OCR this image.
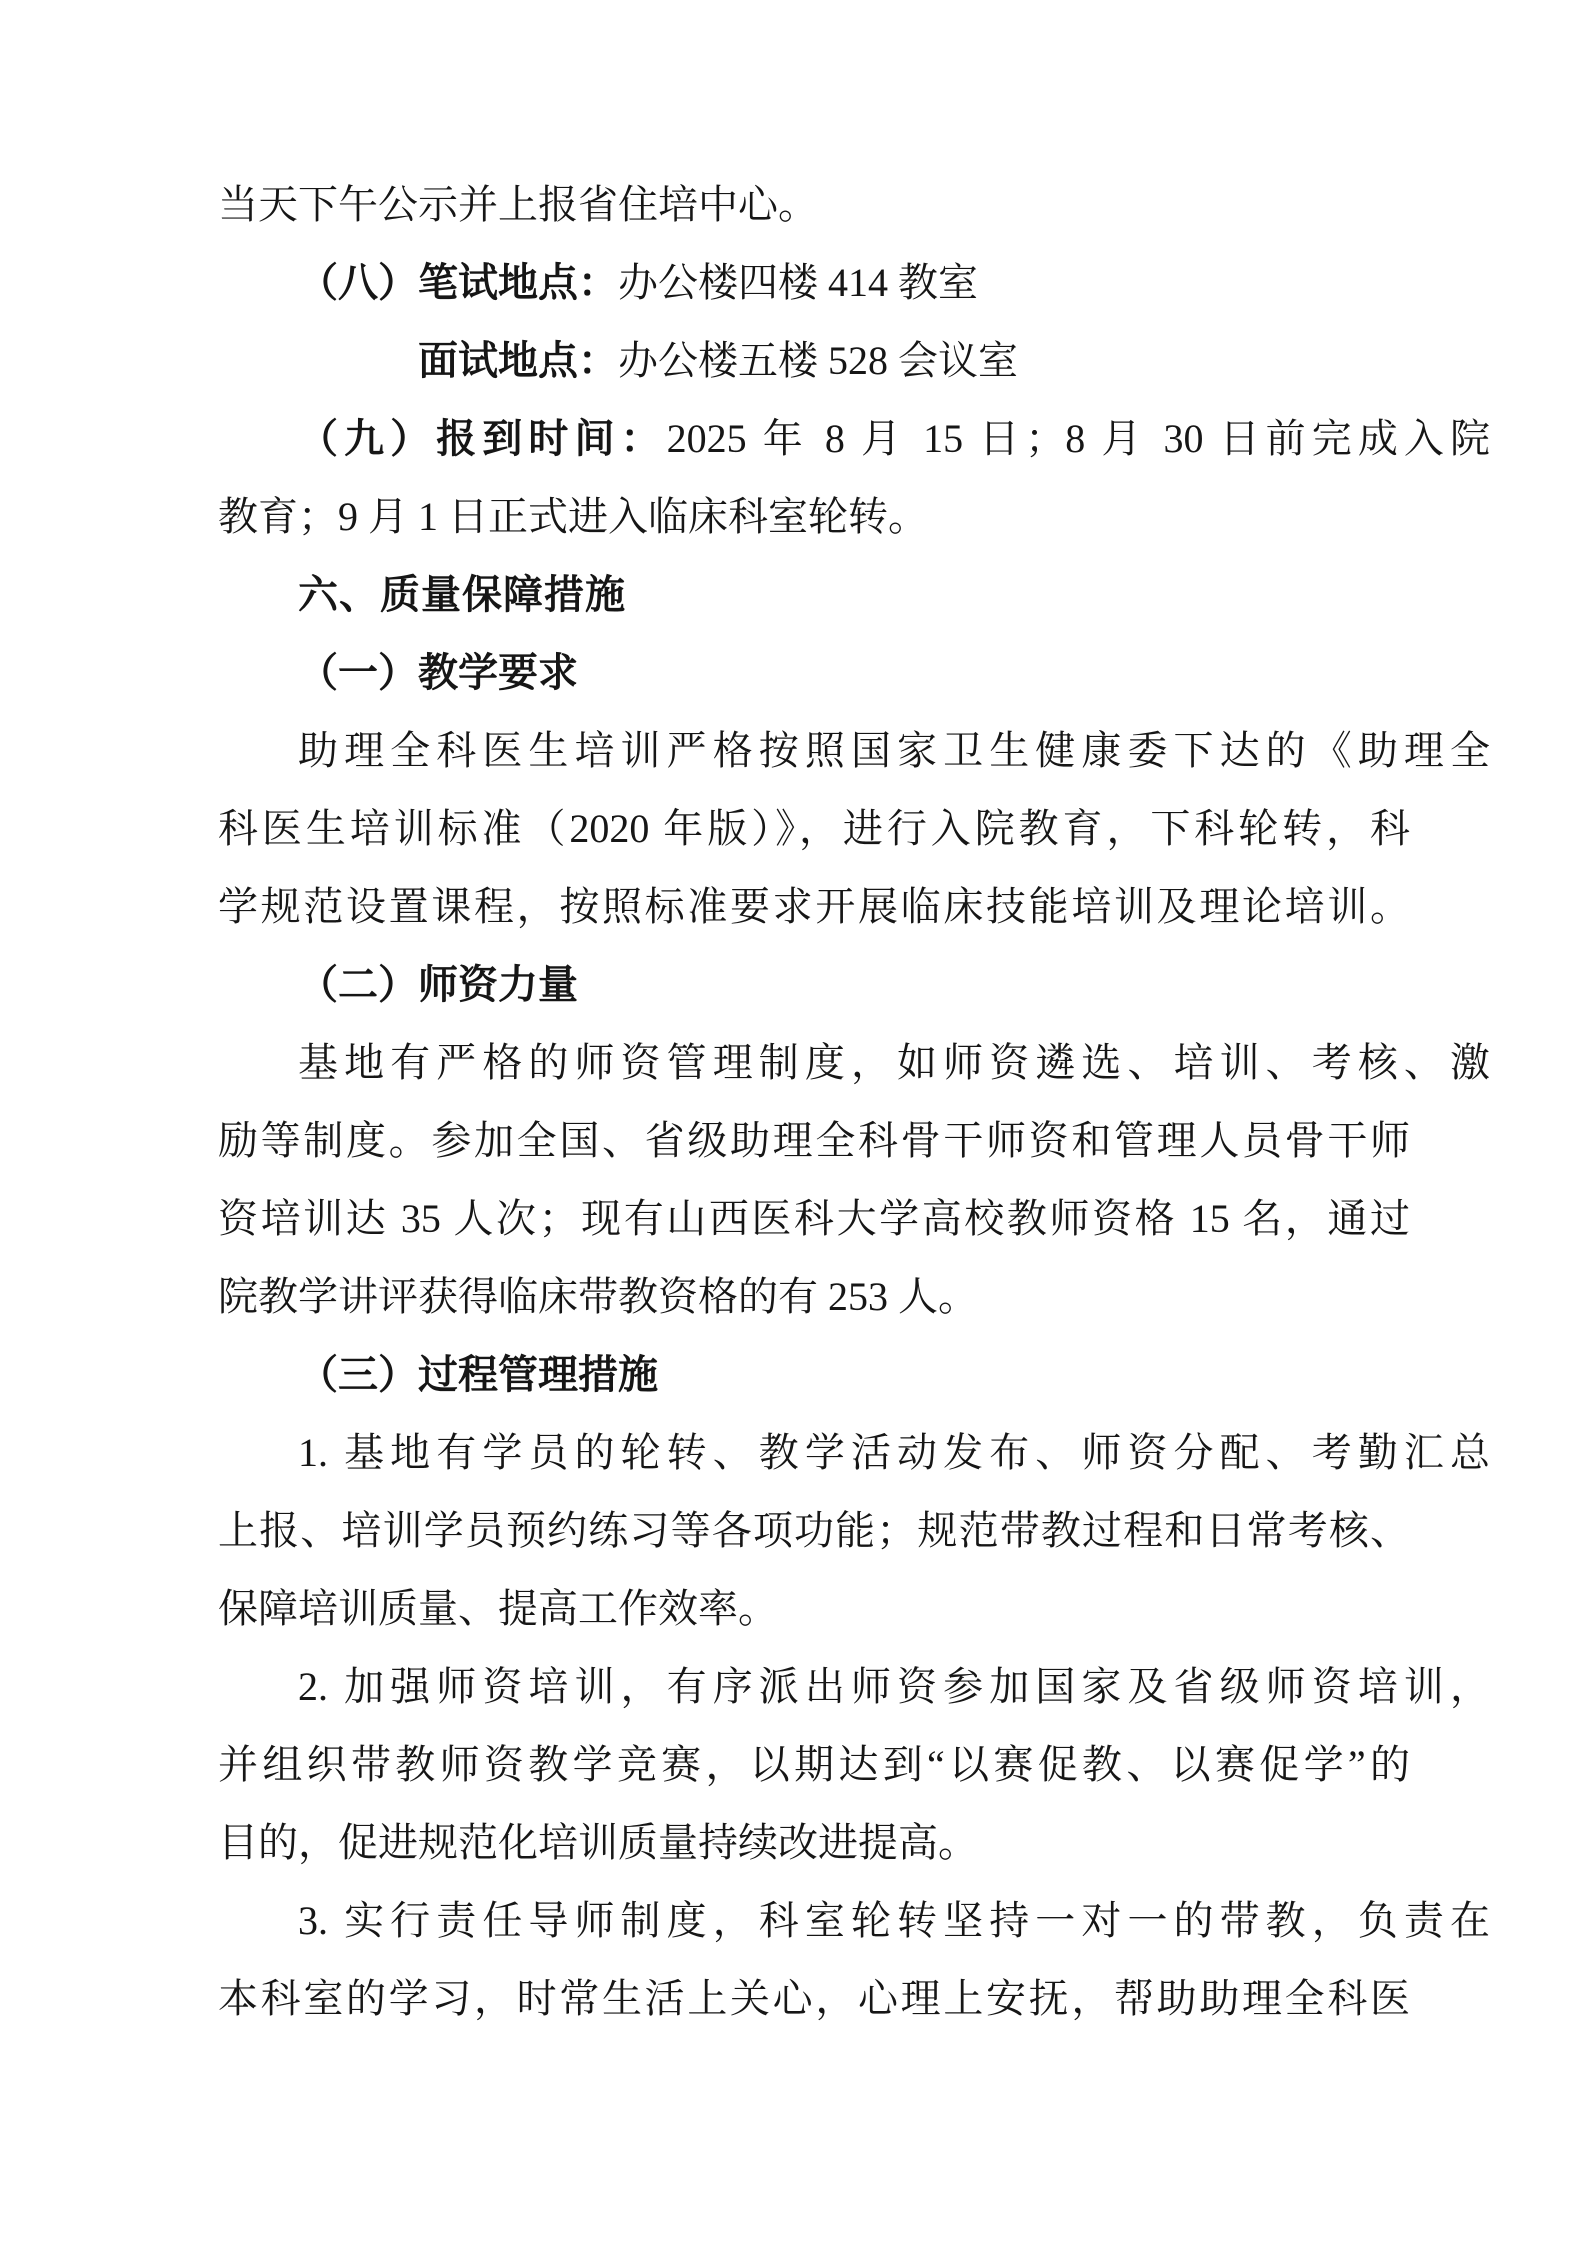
当天下午公示并上报省住培中心。
（八）笔试地点：办公楼四楼 414 教室
面试地点：办公楼五楼 528 会议室
（九）报到时间：2025 年 8 月 15 日；8 月 30 日前完成入院
教育；9 月 1 日正式进入临床科室轮转。
六、质量保障措施
（一）教学要求
助理全科医生培训严格按照国家卫生健康委下达的《助理全
科医生培训标准（2020 年版）》，进行入院教育，下科轮转，科
学规范设置课程，按照标准要求开展临床技能培训及理论培训。
（二）师资力量
基地有严格的师资管理制度，如师资遴选、培训、考核、激
励等制度。参加全国、省级助理全科骨干师资和管理人员骨干师
资培训达 35 人次；现有山西医科大学高校教师资格 15 名，通过
院教学讲评获得临床带教资格的有 253 人。
（三）过程管理措施
1. 基地有学员的轮转、教学活动发布、师资分配、考勤汇总
上报、培训学员预约练习等各项功能；规范带教过程和日常考核、
保障培训质量、提高工作效率。
2. 加强师资培训，有序派出师资参加国家及省级师资培训，
并组织带教师资教学竞赛，以期达到“以赛促教、以赛促学”的
目的，促进规范化培训质量持续改进提高。
3. 实行责任导师制度，科室轮转坚持一对一的带教，负责在
本科室的学习，时常生活上关心，心理上安抚，帮助助理全科医
